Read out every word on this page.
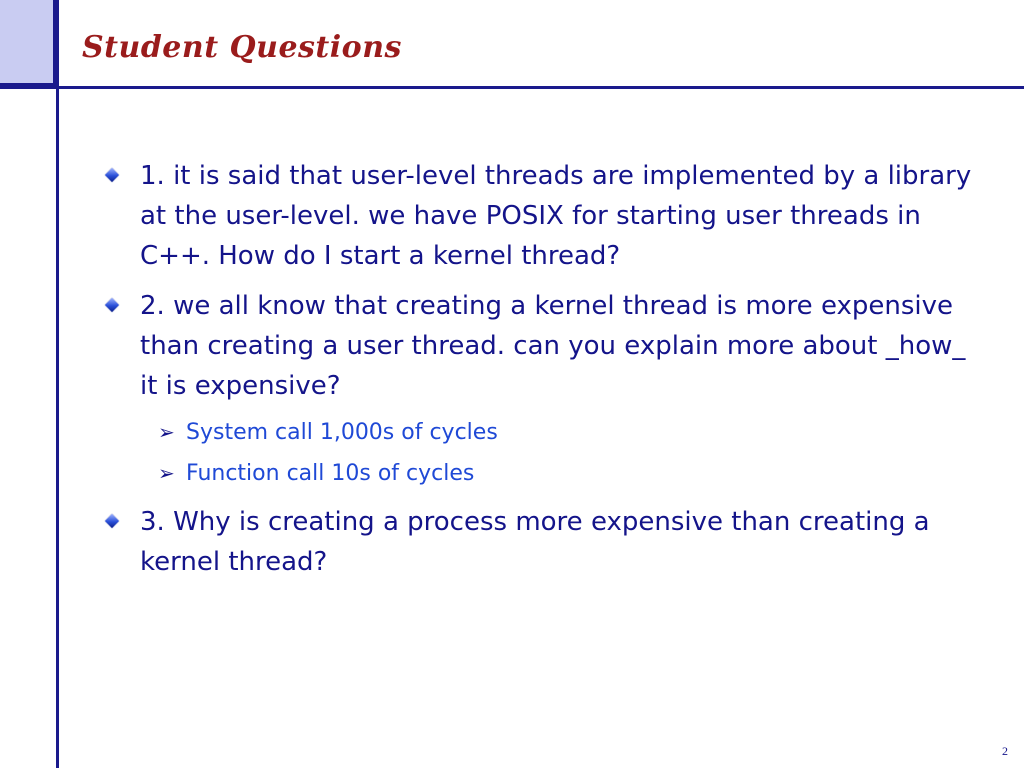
Student Questions
1. it is said that user-level threads are implemented by a library at the user-level. we have POSIX for starting user threads in C++. How do I start a kernel thread?
2. we all know that creating a kernel thread is more expensive than creating a user thread. can you explain more about _how_ it is expensive?
➢ System call 1,000s of cycles
➢ Function call 10s of cycles
3. Why is creating a process more expensive than creating a kernel thread?
2
